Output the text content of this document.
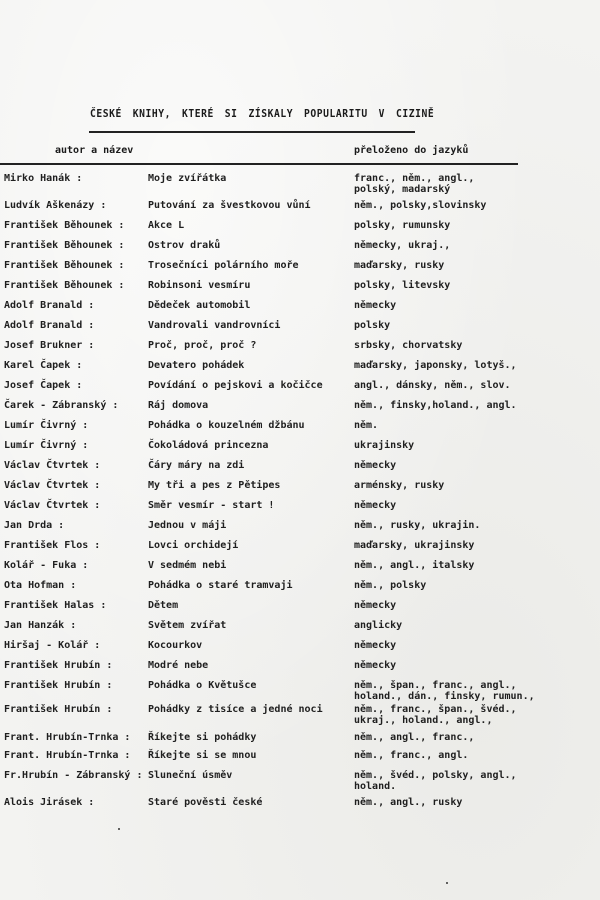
ČESKÉ KNIHY, KTERÉ SI ZÍSKALY POPULARITU V CIZINĚ
autor a název	přeloženo do jazyků
Mirko Hanák :	Moje zvířátka	franc., něm., angl.,
polský, madarský
Ludvík Aškenázy :	Putování za švestkovou vůní	něm., polsky,slovinsky
František Běhounek : Akce L	polsky, rumunsky
František Běhounek : Ostrov draků	německy, ukraj.,
František Běhounek : Trosečníci polárního moře	maďarsky, rusky
František Běhounek : Robinsoni vesmíru	polsky, litevsky
Adolf Branald :	Dědeček automobil	německy
Adolf Branald :	Vandrovali vandrovníci	polsky
Josef Brukner :	Proč, proč, proč ?	srbsky, chorvatsky
Karel Čapek :	Devatero pohádek	maďarsky, japonsky, lotyš.,
Josef Čapek :	Povídání o pejskovi a kočičce	angl., dánsky, něm., slov.
Čarek - Zábranský :	Ráj domova	něm., finsky,holand., angl.
Lumír Čivrný :	Pohádka o kouzelném džbánu	něm.
Lumír Čivrný :	Čokoládová princezna	ukrajinsky
Václav Čtvrtek :	Čáry máry na zdi	německy
Václav Čtvrtek :	My tři a pes z Pětipes	arménsky, rusky
Václav Čtvrtek :	Směr vesmír - start !	německy
Jan Drda :	Jednou v máji	něm., rusky, ukrajin.
František Flos :	Lovci orchidejí	maďarsky, ukrajinsky
Kolář - Fuka :	V sedmém nebi	něm., angl., italsky
Ota Hofman :	Pohádka o staré tramvaji	něm., polsky
František Halas :	Dětem	německy
Jan Hanzák :	Světem zvířat	anglicky
Hiršaj - Kolář :	Kocourkov	německy
František Hrubín :	Modré nebe	německy
František Hrubín :	Pohádka o Květušce	něm., špan., franc., angl.,
holand., dán., finsky, rumun.,
František Hrubín :	Pohádky z tisíce a jedné noci	něm., franc., špan., švéd.,
ukraj., holand., angl.,
Frant. Hrubín-Trnka : Říkejte si pohádky	něm., angl., franc.,
Frant. Hrubín-Trnka : Říkejte si se mnou	něm., franc., angl.
Fr.Hrubín - Zábranský : Sluneční úsměv	něm., švéd., polsky, angl.,
holand.
Alois Jirásek :	Staré pověsti české	něm., angl., rusky
